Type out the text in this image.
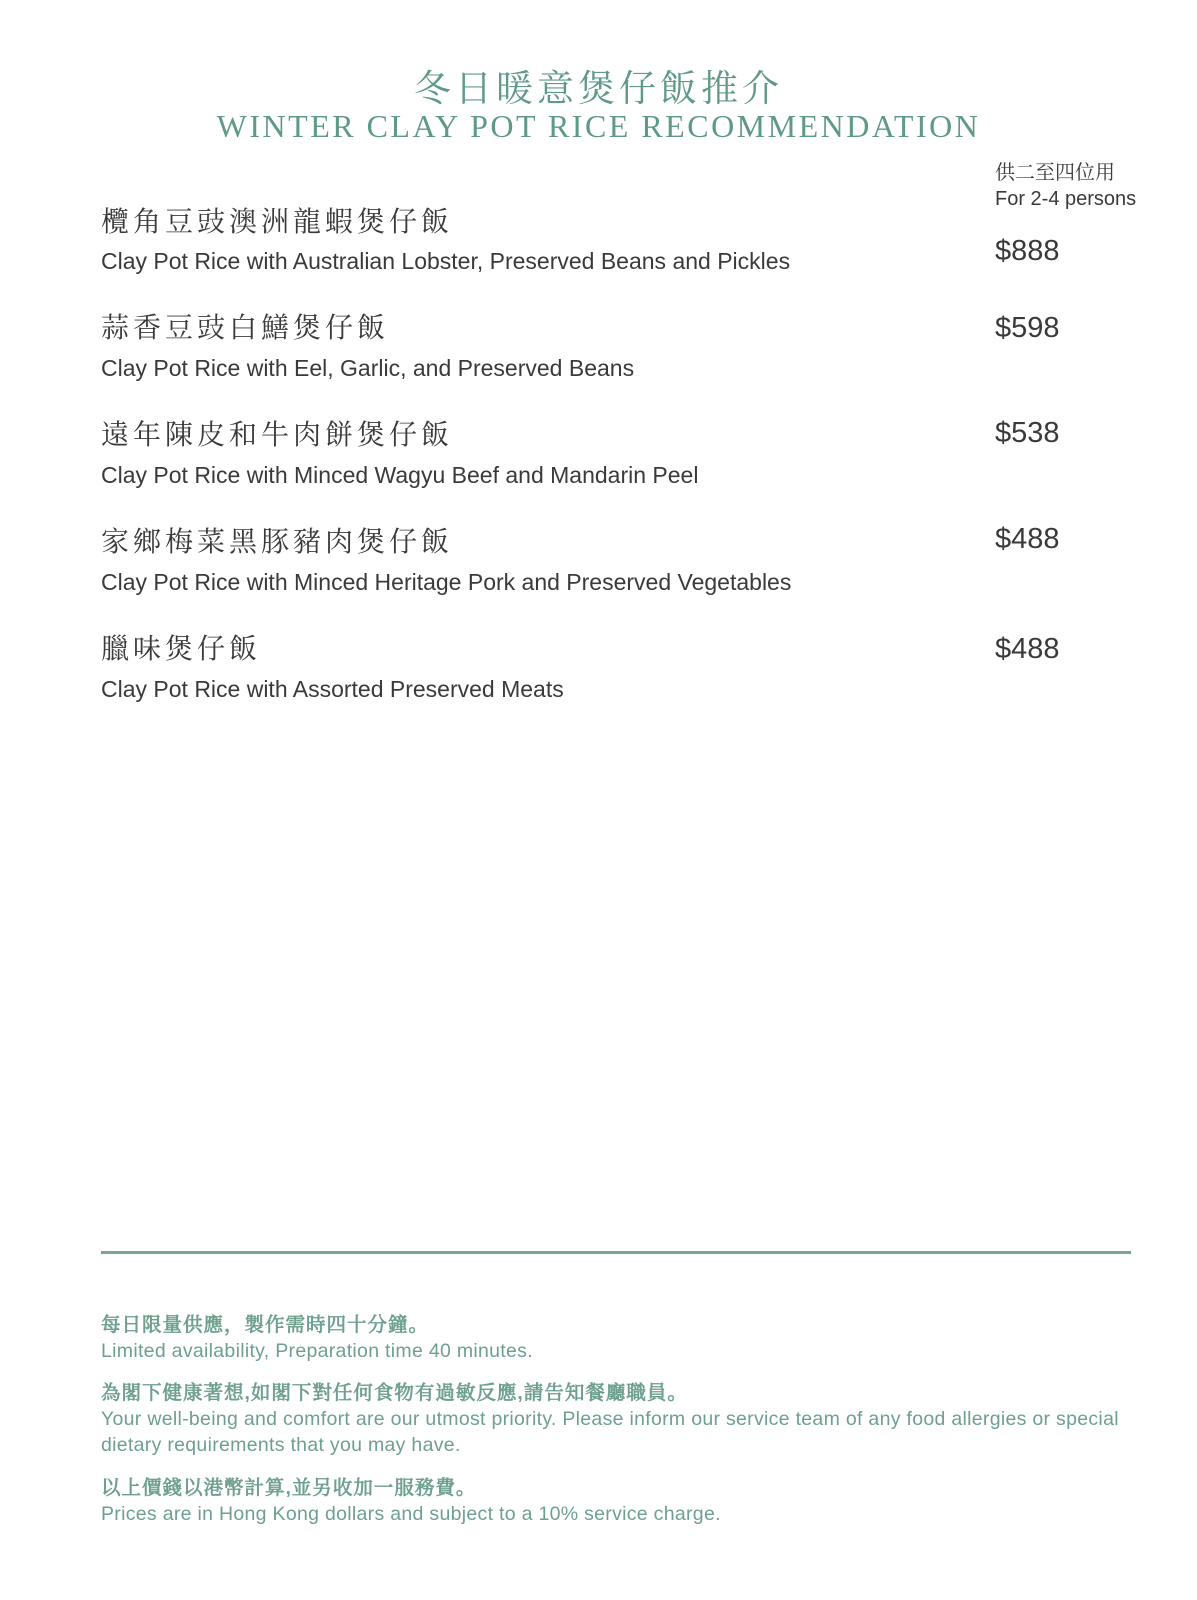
冬日暖意煲仔飯推介
WINTER CLAY POT RICE RECOMMENDATION
供二至四位用
For 2-4 persons
欖角豆豉澳洲龍蝦煲仔飯
Clay Pot Rice with Australian Lobster, Preserved Beans and Pickles	$888
蒜香豆豉白鱔煲仔飯
Clay Pot Rice with Eel, Garlic, and Preserved Beans
$598
遠年陳皮和牛肉餅煲仔飯
Clay Pot Rice with Minced Wagyu Beef and Mandarin Peel
$538
家鄉梅菜黑豚豬肉煲仔飯
Clay Pot Rice with Minced Heritage Pork and Preserved Vegetables
$488
臘味煲仔飯
Clay Pot Rice with Assorted Preserved Meats
$488
每日限量供應，製作需時四十分鐘。
Limited availability, Preparation time 40 minutes.
為閣下健康著想,如閣下對任何食物有過敏反應,請告知餐廳職員。
Your well-being and comfort are our utmost priority. Please inform our service team of any food allergies or special dietary requirements that you may have.
以上價錢以港幣計算,並另收加一服務費。
Prices are in Hong Kong dollars and subject to a 10% service charge.
